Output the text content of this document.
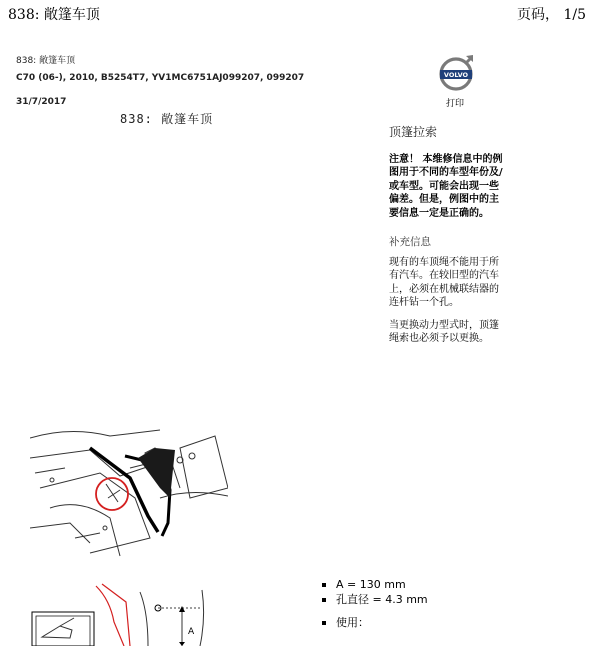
838: 敞篷车顶	页码， 1/5
838: 敞篷车顶
C70 (06-), 2010, B5254T7, YV1MC6751AJ099207, 099207
31/7/2017
838: 敞篷车顶
VOLVO
打印
顶篷拉索
注意！ 本维修信息中的例图用于不同的车型年份及/或车型。可能会出现一些偏差。但是，例图中的主要信息一定是正确的。
补充信息
现有的车顶绳不能用于所有汽车。在较旧型的汽车上，必须在机械联结器的连杆钻一个孔。
当更换动力型式时，顶篷绳索也必须予以更换。
A
A = 130 mm
孔直径 = 4.3 mm
使用：
